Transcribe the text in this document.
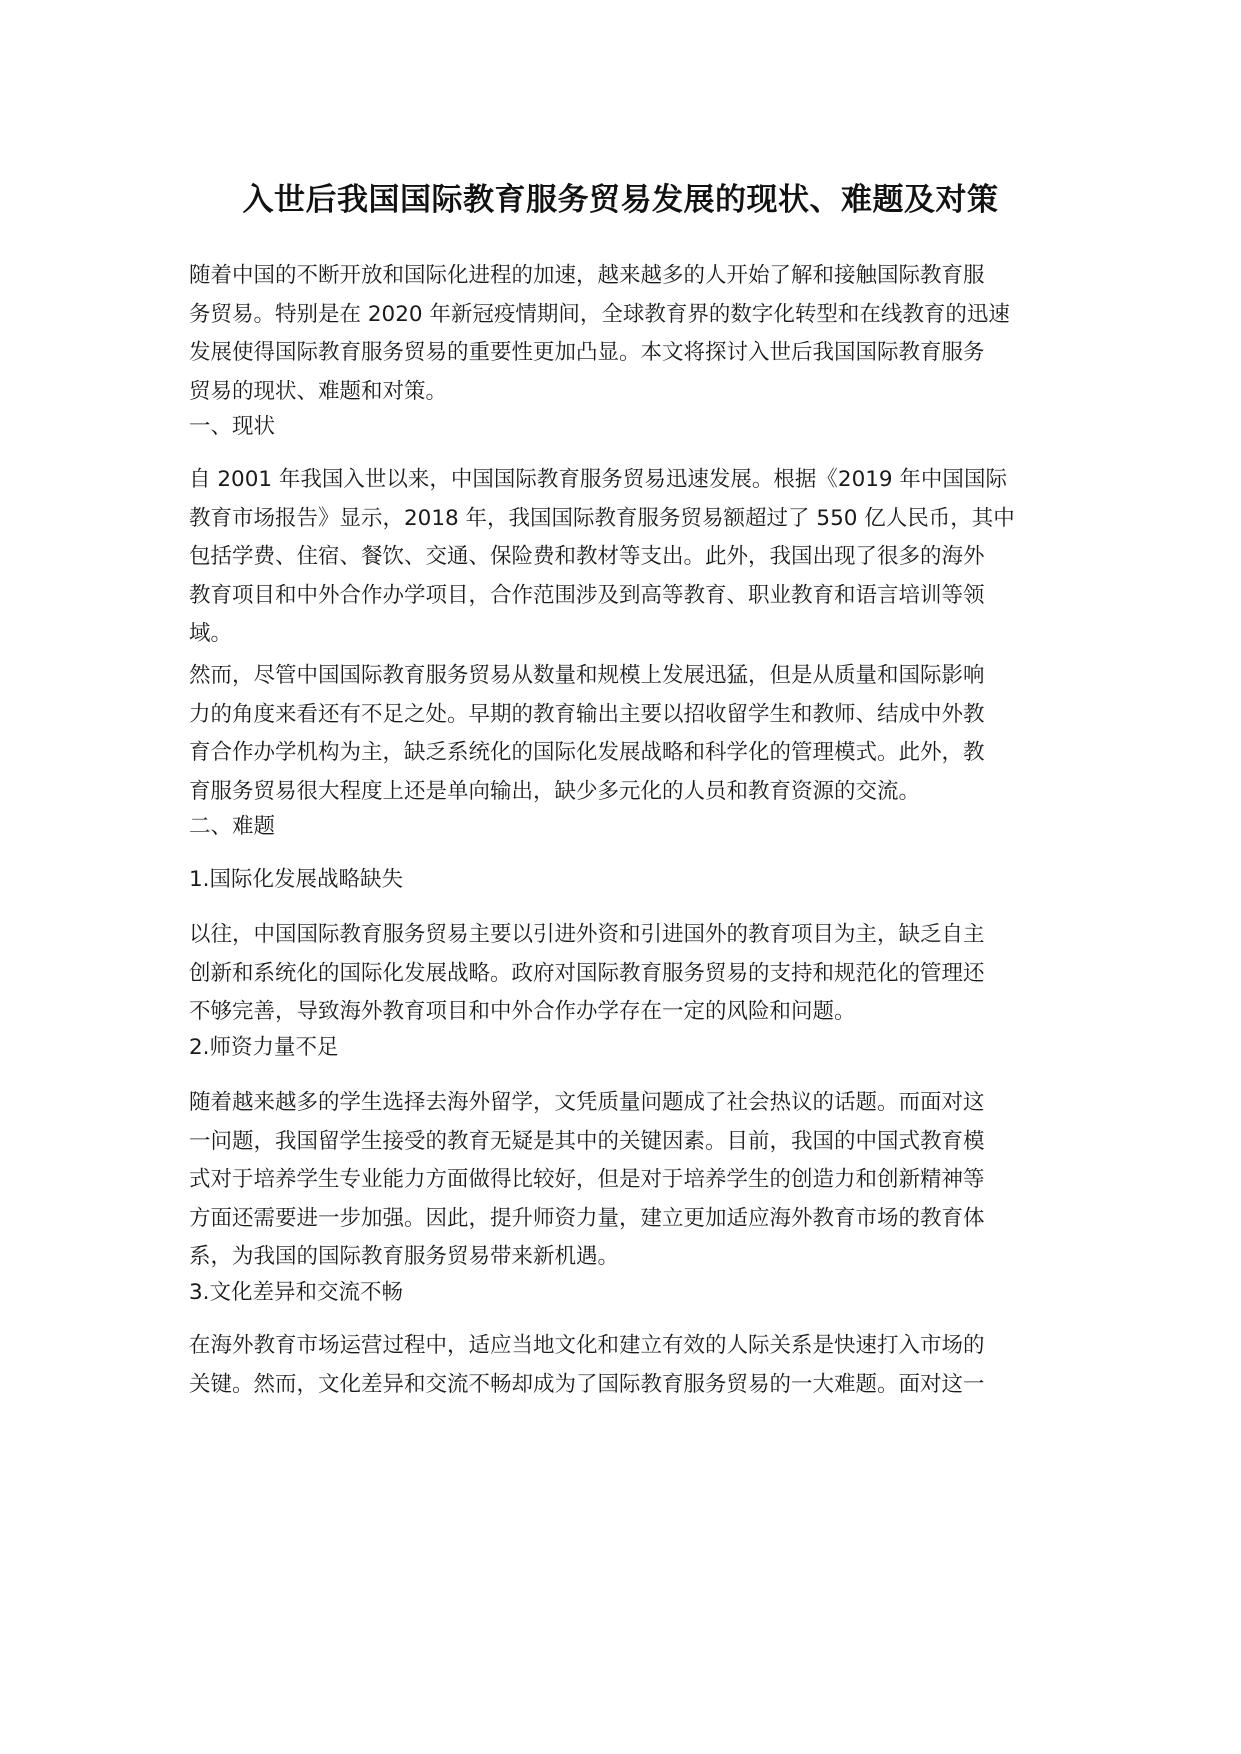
入世后我国国际教育服务贸易发展的现状、难题及对策
随着中国的不断开放和国际化进程的加速，越来越多的人开始了解和接触国际教育服
务贸易。特别是在 2020 年新冠疫情期间，全球教育界的数字化转型和在线教育的迅速
发展使得国际教育服务贸易的重要性更加凸显。本文将探讨入世后我国国际教育服务
贸易的现状、难题和对策。
一、现状
自 2001 年我国入世以来，中国国际教育服务贸易迅速发展。根据《2019 年中国国际
教育市场报告》显示，2018 年，我国国际教育服务贸易额超过了 550 亿人民币，其中
包括学费、住宿、餐饮、交通、保险费和教材等支出。此外，我国出现了很多的海外
教育项目和中外合作办学项目，合作范围涉及到高等教育、职业教育和语言培训等领
域。
然而，尽管中国国际教育服务贸易从数量和规模上发展迅猛，但是从质量和国际影响
力的角度来看还有不足之处。早期的教育输出主要以招收留学生和教师、结成中外教
育合作办学机构为主，缺乏系统化的国际化发展战略和科学化的管理模式。此外，教
育服务贸易很大程度上还是单向输出，缺少多元化的人员和教育资源的交流。
二、难题
1.国际化发展战略缺失
以往，中国国际教育服务贸易主要以引进外资和引进国外的教育项目为主，缺乏自主
创新和系统化的国际化发展战略。政府对国际教育服务贸易的支持和规范化的管理还
不够完善，导致海外教育项目和中外合作办学存在一定的风险和问题。
2.师资力量不足
随着越来越多的学生选择去海外留学，文凭质量问题成了社会热议的话题。而面对这
一问题，我国留学生接受的教育无疑是其中的关键因素。目前，我国的中国式教育模
式对于培养学生专业能力方面做得比较好，但是对于培养学生的创造力和创新精神等
方面还需要进一步加强。因此，提升师资力量，建立更加适应海外教育市场的教育体
系，为我国的国际教育服务贸易带来新机遇。
3.文化差异和交流不畅
在海外教育市场运营过程中，适应当地文化和建立有效的人际关系是快速打入市场的
关键。然而，文化差异和交流不畅却成为了国际教育服务贸易的一大难题。面对这一
